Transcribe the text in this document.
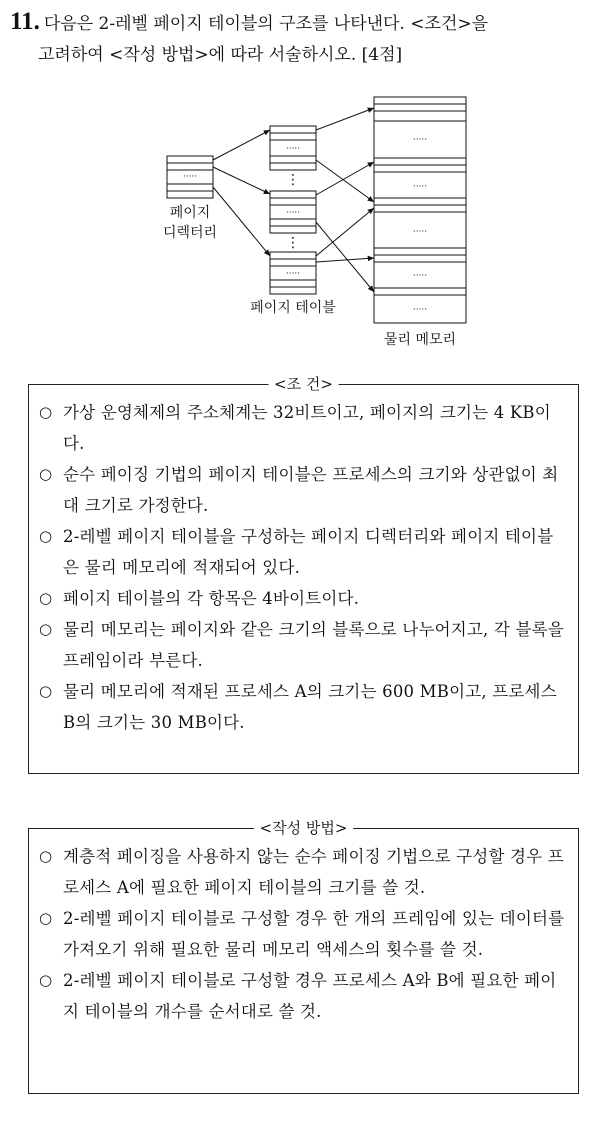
11. 다음은 2-레벨 페이지 테이블의 구조를 나타낸다. <조건>을
고려하여 <작성 방법>에 따라 서술하시오. [4점]
·····
페이지
디렉터리
·····
⋮
·····
⋮
·····
페이지 테이블
·····
·····
·····
·····
·····
물리 메모리
<조 건>
○ 가상 운영체제의 주소체계는 32비트이고, 페이지의 크기는 4 KB이다.
○ 순수 페이징 기법의 페이지 테이블은 프로세스의 크기와 상관없이 최대 크기로 가정한다.
○ 2-레벨 페이지 테이블을 구성하는 페이지 디렉터리와 페이지 테이블은 물리 메모리에 적재되어 있다.
○ 페이지 테이블의 각 항목은 4바이트이다.
○ 물리 메모리는 페이지와 같은 크기의 블록으로 나누어지고, 각 블록을 프레임이라 부른다.
○ 물리 메모리에 적재된 프로세스 A의 크기는 600 MB이고, 프로세스 B의 크기는 30 MB이다.
<작성 방법>
○ 계층적 페이징을 사용하지 않는 순수 페이징 기법으로 구성할 경우 프로세스 A에 필요한 페이지 테이블의 크기를 쓸 것.
○ 2-레벨 페이지 테이블로 구성할 경우 한 개의 프레임에 있는 데이터를 가져오기 위해 필요한 물리 메모리 액세스의 횟수를 쓸 것.
○ 2-레벨 페이지 테이블로 구성할 경우 프로세스 A와 B에 필요한 페이지 테이블의 개수를 순서대로 쓸 것.
